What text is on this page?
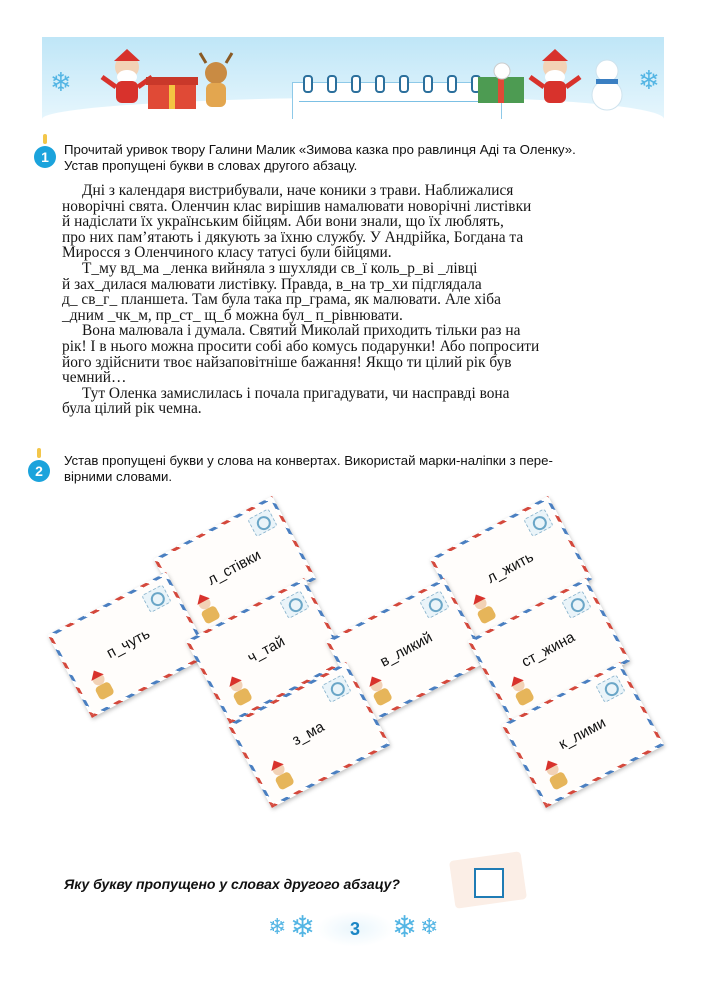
❄	❄
1	Прочитай уривок твору Галини Малик «Зимова казка про равлинця Аді та Оленку».
Устав пропущені букви в словах другого абзацу.

Дні з календаря вистрибували, наче коники з трави. Наближалися
новорічні свята. Оленчин клас вирішив намалювати новорічні листівки
й надіслати їх українським бійцям. Аби вони знали, що їх люблять,
про них пам’ятають і дякують за їхню службу. У Андрійка, Богдана та
Миросся з Оленчиного класу татусі були бійцями.

Т_му вд_ма _ленка вийняла з шухляди св_ї коль_р_ві _лівці
й зах_дилася малювати листівку. Правда, в_на тр_хи підглядала
д_ св_г_ планшета. Там була така пр_грама, як малювати. Але хіба
_дним _чк_м, пр_ст_ щ_б можна бул_ п_рівнювати.

Вона малювала і думала. Святий Миколай приходить тільки раз на
рік! І в нього можна просити собі або комусь подарунки! Або попросити
його здійснити твоє найзаповітніше бажання! Якщо ти цілий рік був
чемний…

Тут Оленка замислилась і почала пригадувати, чи насправді вона
була цілий рік чемна.

2
Устав пропущені букви у слова на конвертах. Використай марки-наліпки з пере-
вірними словами.
л_стівки	л_жить
п_чуть	ч_тай	в_ликий	ст_жина
з_ма	к_лими
Яку букву пропущено у словах другого абзацу?
❄ ❄	3	❄ ❄
